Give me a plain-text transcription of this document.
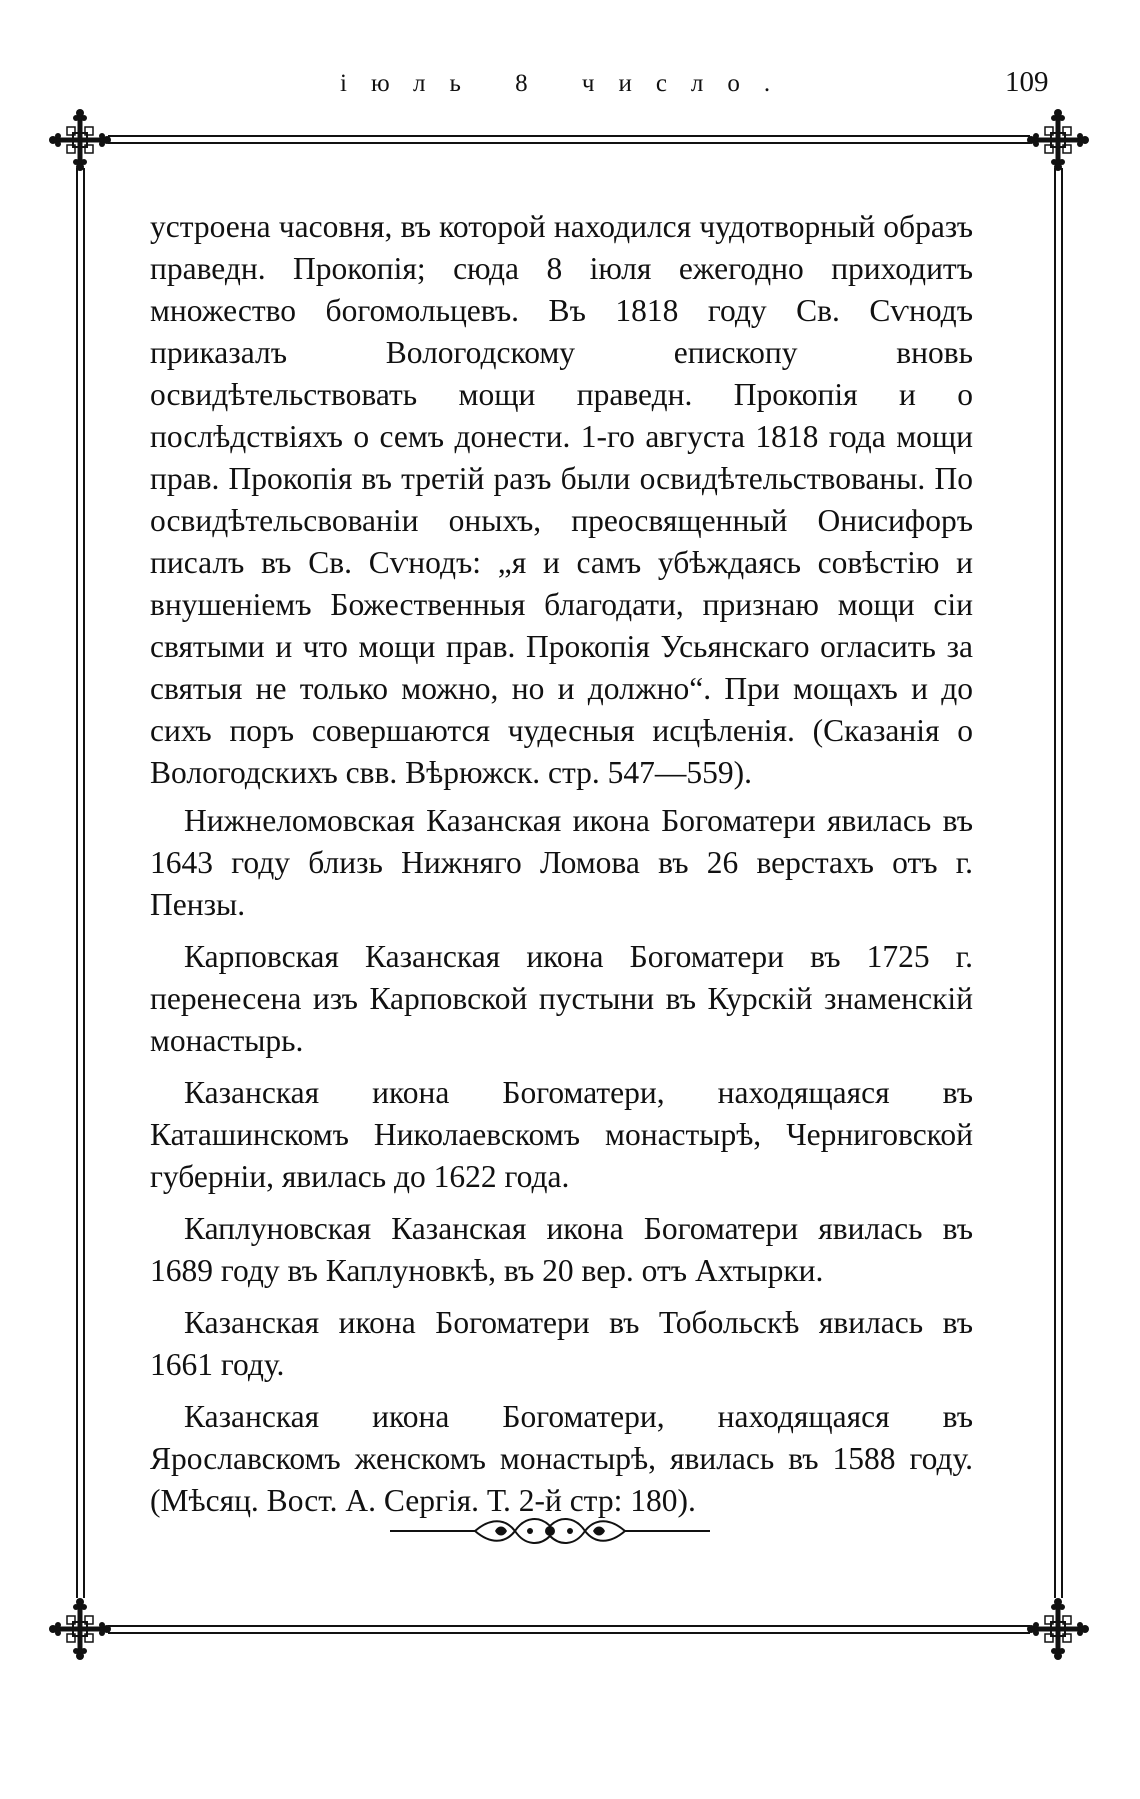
іюль 8 число.	109

устроена часовня, въ которой находился чудотворный образъ праведн. Прокопія; сюда 8 іюля ежегодно приходитъ множество богомольцевъ. Въ 1818 году Св. Сѵнодъ приказалъ Вологодскому епископу вновь освидѣтельствовать мощи праведн. Прокопія и о послѣдствіяхъ о семъ донести. 1-го августа 1818 года мощи прав. Прокопія въ третій разъ были освидѣтельствованы. По освидѣтельсвованіи оныхъ, преосвященный Онисифоръ писалъ въ Св. Сѵнодъ: „я и самъ убѣждаясь совѣстію и внушеніемъ Божественныя благодати, признаю мощи сіи святыми и что мощи прав. Прокопія Усьянскаго огласить за святыя не только можно, но и должно“. При мощахъ и до сихъ поръ совершаются чудесныя исцѣленія. (Сказанія о Вологодскихъ свв. Вѣрюжск. стр. 547—559).

Нижнеломовская Казанская икона Богоматери явилась въ 1643 году близь Нижняго Ломова въ 26 верстахъ отъ г. Пензы.

Карповская Казанская икона Богоматери въ 1725 г. перенесена изъ Карповской пустыни въ Курскій знаменскій монастырь.

Казанская икона Богоматери, находящаяся въ Каташинскомъ Николаевскомъ монастырѣ, Черниговской губерніи, явилась до 1622 года.

Каплуновская Казанская икона Богоматери явилась въ 1689 году въ Каплуновкѣ, въ 20 вер. отъ Ахтырки.

Казанская икона Богоматери въ Тобольскѣ явилась въ 1661 году.

Казанская икона Богоматери, находящаяся въ Ярославскомъ женскомъ монастырѣ, явилась въ 1588 году. (Мѣсяц. Вост. А. Сергія. Т. 2-й стр: 180).
